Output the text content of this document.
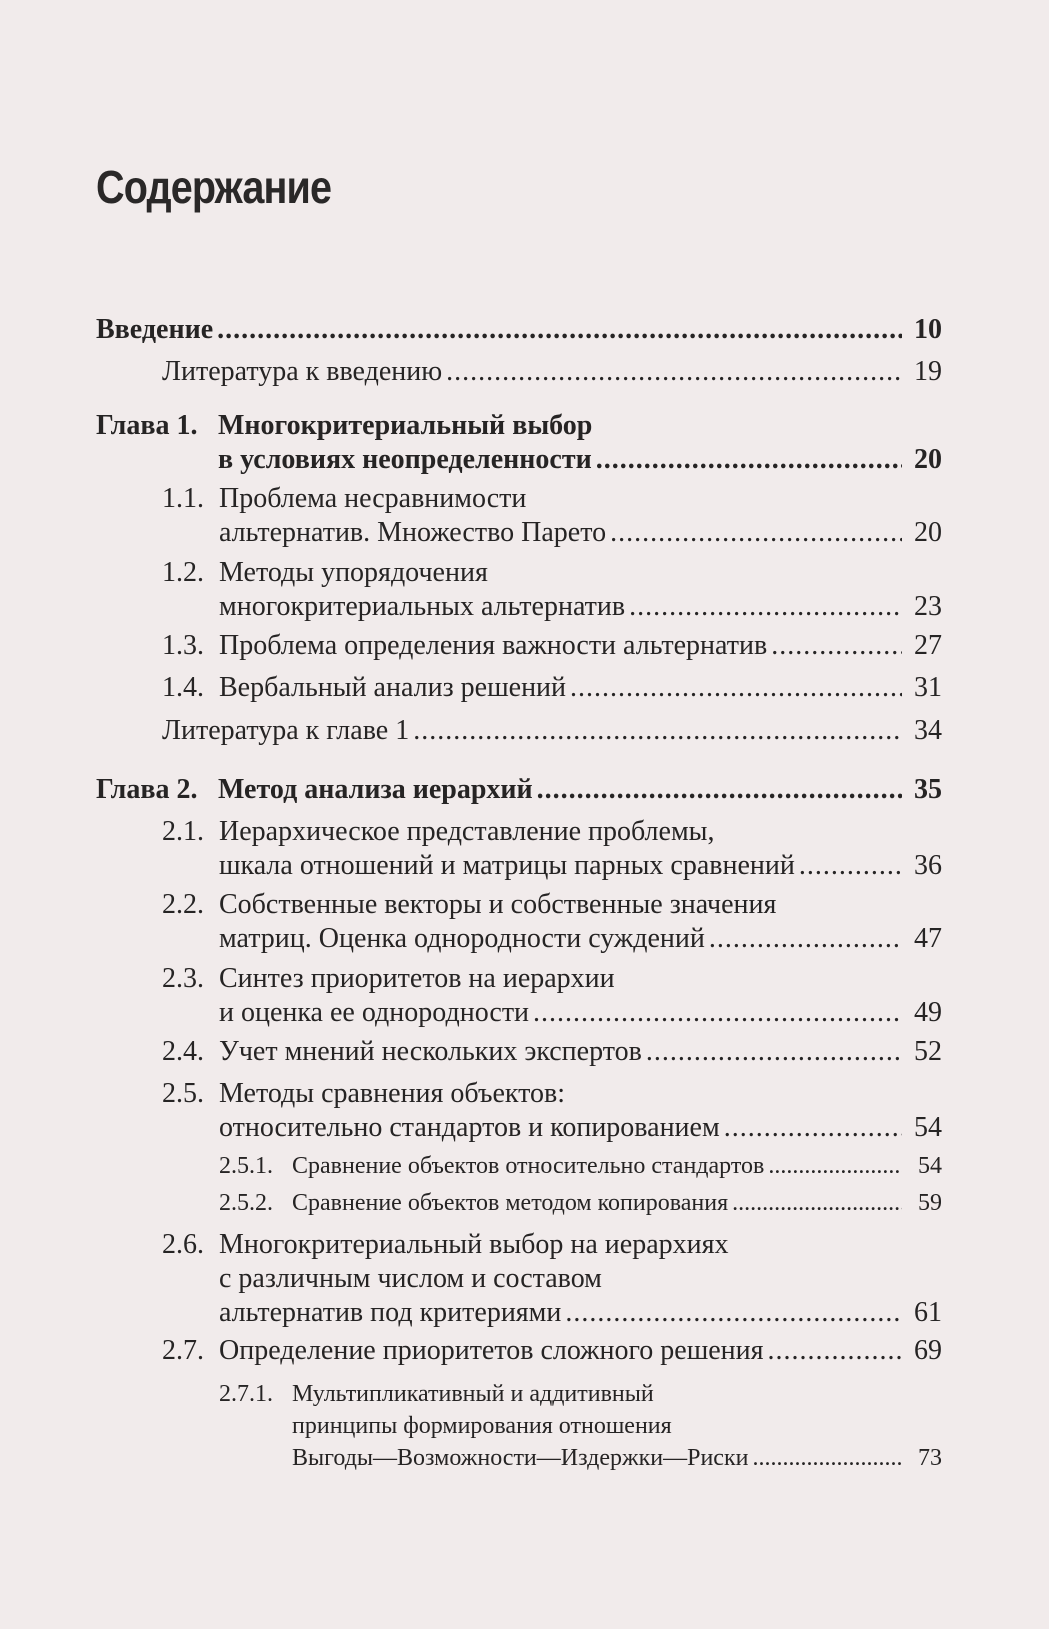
Содержание
Введение . . .	10
Литература к введению . . .	19
Глава 1. Многокритериальный выбор
в условиях неопределенности . . .	20
1.1. Проблема несравнимости
альтернатив. Множество Парето . . .	20
1.2. Методы упорядочения
многокритериальных альтернатив . . .	23
1.3. Проблема определения важности альтернатив . . .	27
1.4. Вербальный анализ решений . . .	31
Литература к главе 1 . . .	34
Глава 2. Метод анализа иерархий . . .	35
2.1. Иерархическое представление проблемы,
шкала отношений и матрицы парных сравнений . . .	36
2.2. Собственные векторы и собственные значения
матриц. Оценка однородности суждений . . .	47
2.3. Синтез приоритетов на иерархии
и оценка ее однородности . . .	49
2.4. Учет мнений нескольких экспертов . . .	52
2.5. Методы сравнения объектов:
относительно стандартов и копированием . . .	54
2.5.1. Сравнение объектов относительно стандартов . . .	54
2.5.2. Сравнение объектов методом копирования . . .	59
2.6. Многокритериальный выбор на иерархиях
с различным числом и составом
альтернатив под критериями . . .	61
2.7. Определение приоритетов сложного решения . . .	69
2.7.1. Мультипликативный и аддитивный
принципы формирования отношения
Выгоды—Возможности—Издержки—Риски . . .	73
